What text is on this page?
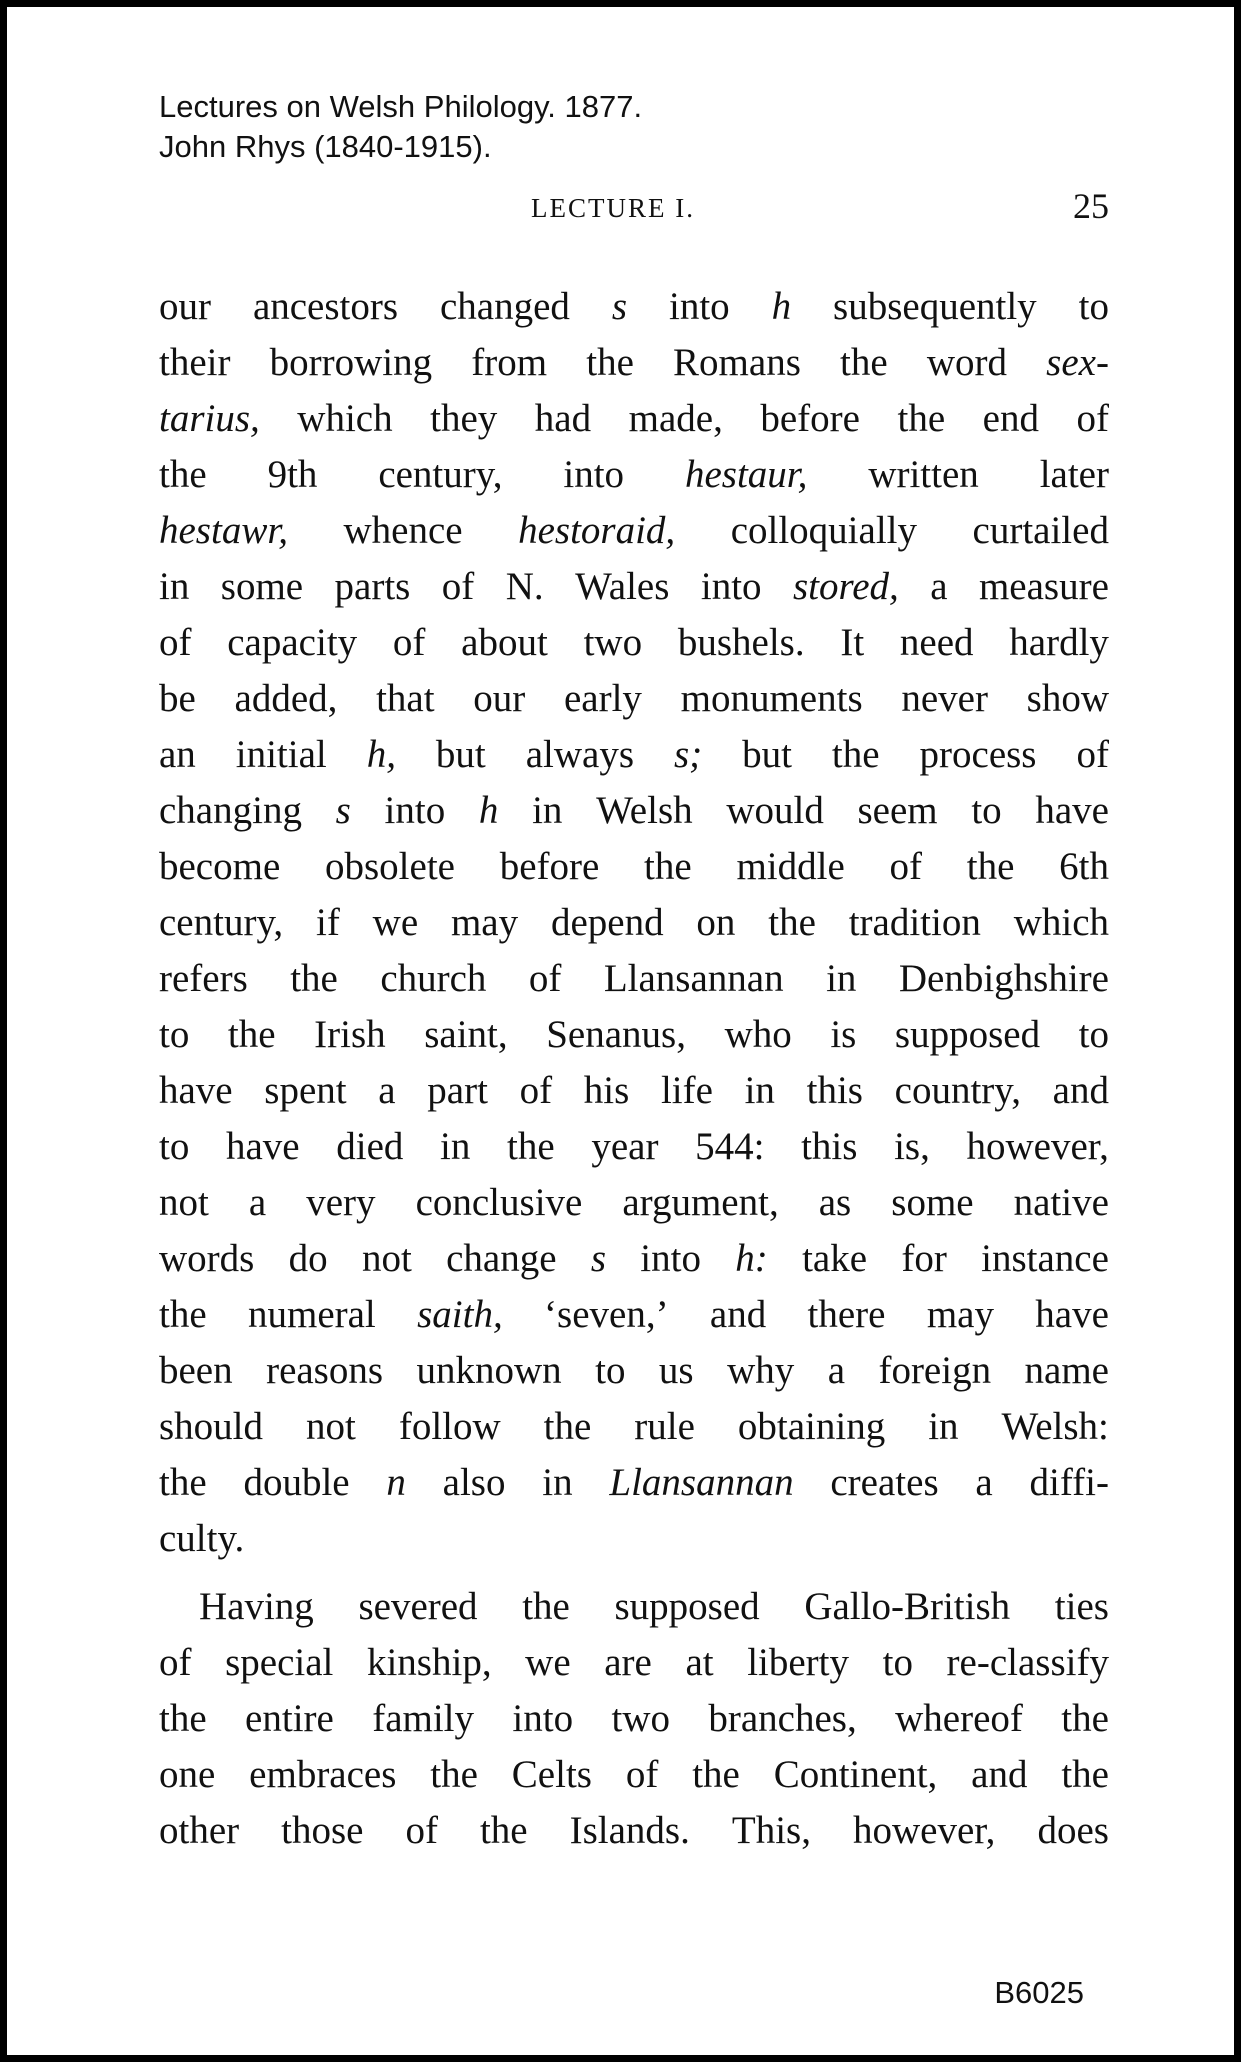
Lectures on Welsh Philology. 1877.
John Rhys (1840-1915).
LECTURE I.	25
our ancestors changed s into h subsequently to
their borrowing from the Romans the word sex-
tarius, which they had made, before the end of
the 9th century, into hestaur, written later
hestawr, whence hestoraid, colloquially curtailed
in some parts of N. Wales into stored, a measure
of capacity of about two bushels. It need hardly
be added, that our early monuments never show
an initial h, but always s; but the process of
changing s into h in Welsh would seem to have
become obsolete before the middle of the 6th
century, if we may depend on the tradition which
refers the church of Llansannan in Denbighshire
to the Irish saint, Senanus, who is supposed to
have spent a part of his life in this country, and
to have died in the year 544: this is, however,
not a very conclusive argument, as some native
words do not change s into h: take for instance
the numeral saith, ‘seven,’ and there may have
been reasons unknown to us why a foreign name
should not follow the rule obtaining in Welsh:
the double n also in Llansannan creates a diffi-
culty.
Having severed the supposed Gallo-British ties
of special kinship, we are at liberty to re-classify
the entire family into two branches, whereof the
one embraces the Celts of the Continent, and the
other those of the Islands. This, however, does
B6025
